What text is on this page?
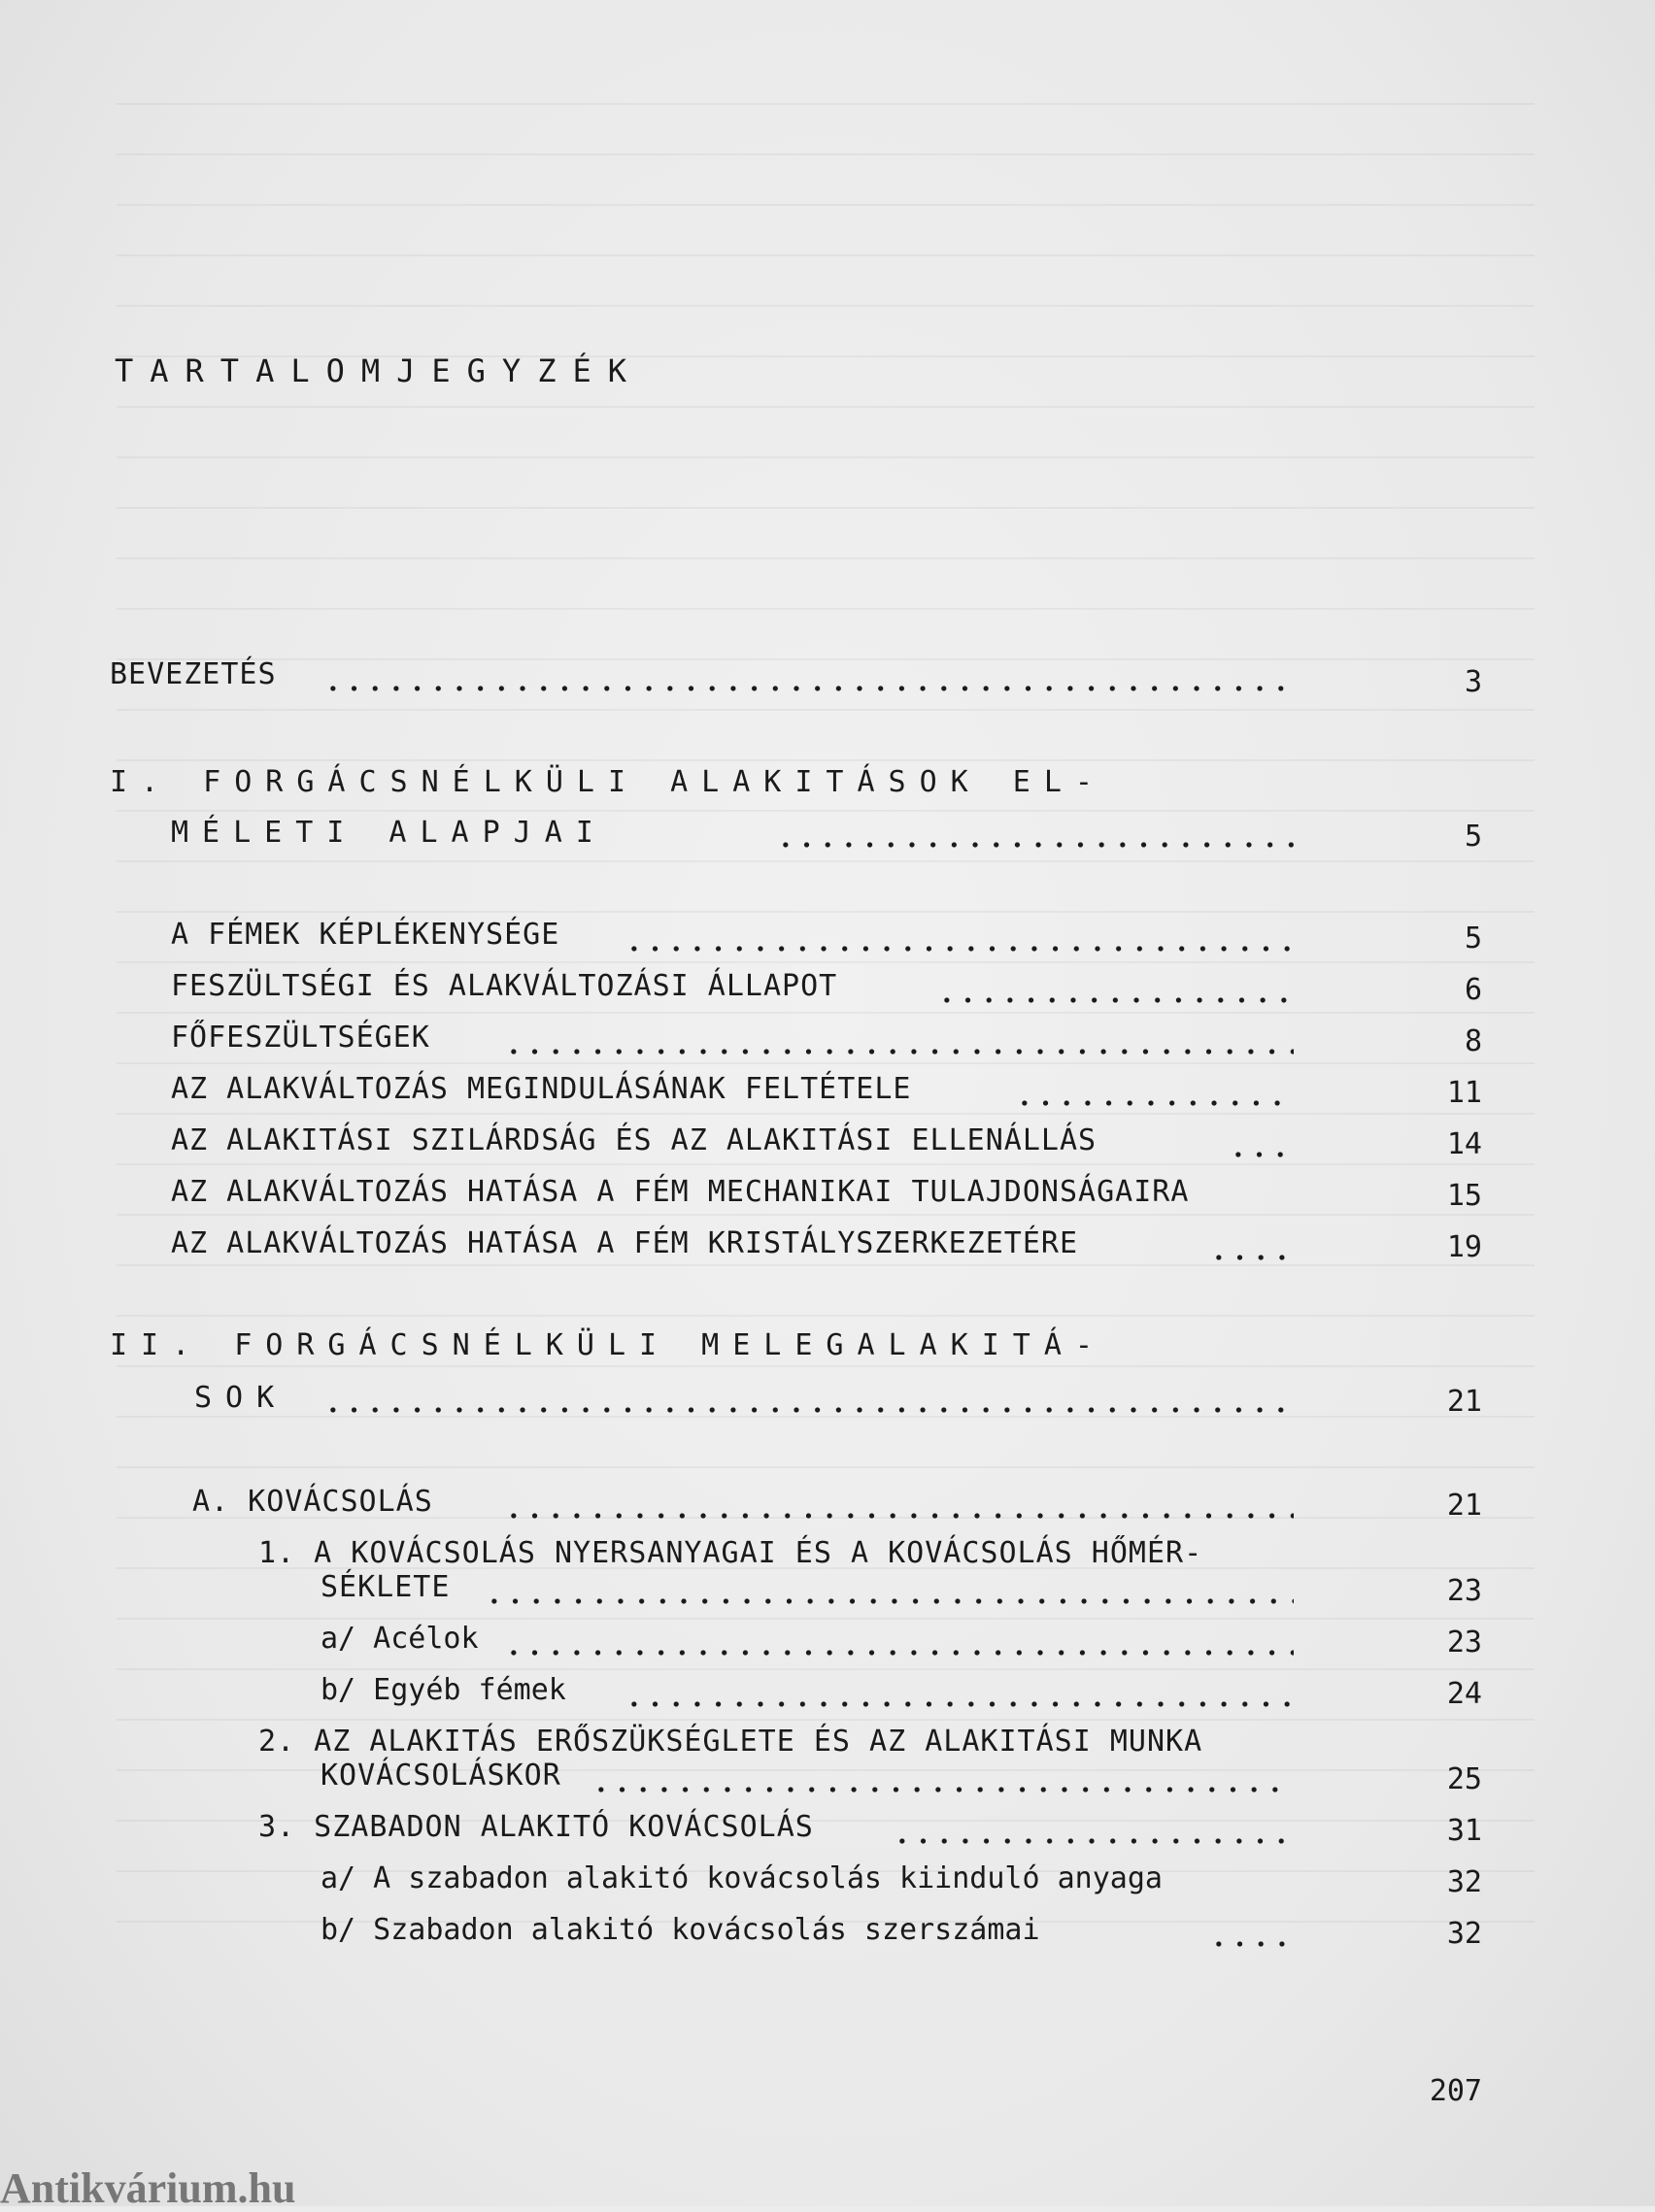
TARTALOMJEGYZÉK
BEVEZETÉS	3
I. FORGÁCSNÉLKÜLI ALAKITÁSOK EL-
MÉLETI ALAPJAI	5
A FÉMEK KÉPLÉKENYSÉGE	5
FESZÜLTSÉGI ÉS ALAKVÁLTOZÁSI ÁLLAPOT	6
FŐFESZÜLTSÉGEK	8
AZ ALAKVÁLTOZÁS MEGINDULÁSÁNAK FELTÉTELE	11
AZ ALAKITÁSI SZILÁRDSÁG ÉS AZ ALAKITÁSI ELLENÁLLÁS	14
AZ ALAKVÁLTOZÁS HATÁSA A FÉM MECHANIKAI TULAJDONSÁGAIRA	15
AZ ALAKVÁLTOZÁS HATÁSA A FÉM KRISTÁLYSZERKEZETÉRE	19
II. FORGÁCSNÉLKÜLI MELEGALAKITÁ-
SOK	21
A. KOVÁCSOLÁS	21
1. A KOVÁCSOLÁS NYERSANYAGAI ÉS A KOVÁCSOLÁS HŐMÉR-
SÉKLETE	23
a/ Acélok	23
b/ Egyéb fémek	24
2. AZ ALAKITÁS ERŐSZÜKSÉGLETE ÉS AZ ALAKITÁSI MUNKA
KOVÁCSOLÁSKOR	25
3. SZABADON ALAKITÓ KOVÁCSOLÁS	31
a/ A szabadon alakitó kovácsolás kiinduló anyaga	32
b/ Szabadon alakitó kovácsolás szerszámai	32
207
Antikvárium.hu
